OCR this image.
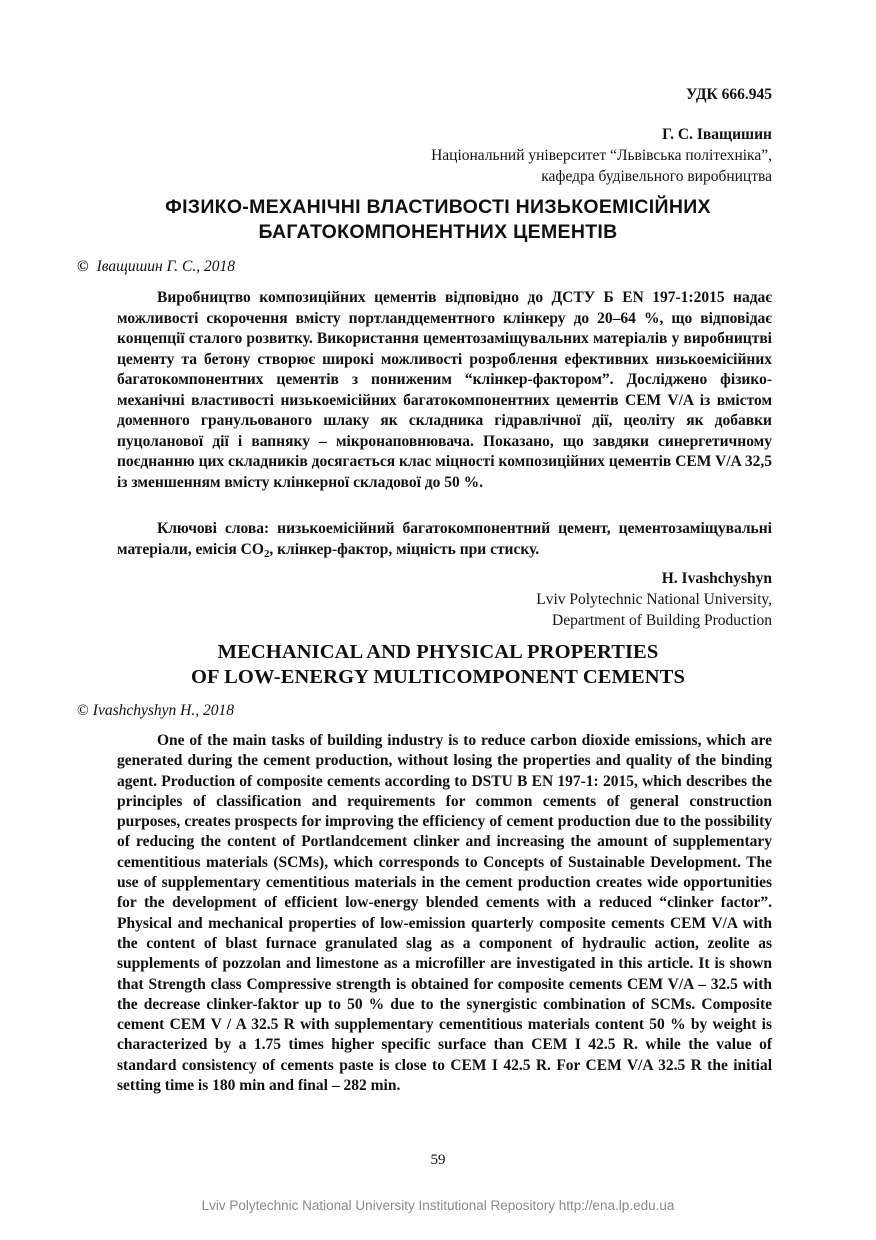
УДК 666.945
Г. С. Іващишин
Національний університет “Львівська політехніка”,
кафедра будівельного виробництва
ФІЗИКО-МЕХАНІЧНІ ВЛАСТИВОСТІ НИЗЬКОЕМІСІЙНИХ
БАГАТОКОМПОНЕНТНИХ ЦЕМЕНТІВ
© Іващишин Г. С., 2018

Виробництво композиційних цементів відповідно до ДСТУ Б EN 197-1:2015 надає можливості скорочення вмісту портландцементного клінкеру до 20–64 %, що відповідає концепції сталого розвитку. Використання цементозаміщувальних матеріалів у виробництві цементу та бетону створює широкі можливості розроблення ефективних низькоемісійних багатокомпонентних цементів з пониженим “клінкер-фактором”. Досліджено фізико-механічні властивості низькоемісійних багатокомпонентних цементів CEM V/A із вмістом доменного гранульованого шлаку як складника гідравлічної дії, цеоліту як добавки пуцоланової дії і вапняку – мікронаповнювача. Показано, що завдяки синергетичному поєднанню цих складників досягається клас міцності композиційних цементів CEM V/A 32,5 із зменшенням вмісту клінкерної складової до 50 %.

Ключові слова: низькоемісійний багатокомпонентний цемент, цементозаміщувальні матеріали, емісія $CO_2$, клінкер-фактор, міцність при стиску.

H. Ivashchyshyn
Lviv Polytechnic National University,
Department of Building Production
MECHANICAL AND PHYSICAL PROPERTIES
OF LOW-ENERGY MULTICOMPONENT CEMENTS
© Ivashchyshyn H., 2018

One of the main tasks of building industry is to reduce carbon dioxide emissions, which are generated during the cement production, without losing the properties and quality of the binding agent. Production of composite cements according to DSTU B EN 197-1: 2015, which describes the principles of classification and requirements for common cements of general construction purposes, creates prospects for improving the efficiency of cement production due to the possibility of reducing the content of Portlandcement clinker and increasing the amount of supplementary cementitious materials (SCMs), which corresponds to Concepts of Sustainable Development. The use of supplementary cementitious materials in the cement production creates wide opportunities for the development of efficient low-energy blended cements with a reduced “clinker factor”. Physical and mechanical properties of low-emission quarterly composite cements CEM V/A with the content of blast furnace granulated slag as a component of hydraulic action, zeolite as supplements of pozzolan and limestone as a microfiller are investigated in this article. It is shown that Strength class Compressive strength is obtained for composite cements CEM V/A – 32.5 with the decrease clinker-faktor up to 50 % due to the synergistic combination of SCMs. Composite cement CEM V / A 32.5 R with supplementary cementitious materials content 50 % by weight is characterized by a 1.75 times higher specific surface than CEM I 42.5 R. while the value of standard consistency of cements paste is close to CEM I 42.5 R. For CEM V/A 32.5 R the initial setting time is 180 min and final – 282 min.

59
Lviv Polytechnic National University Institutional Repository http://ena.lp.edu.ua
